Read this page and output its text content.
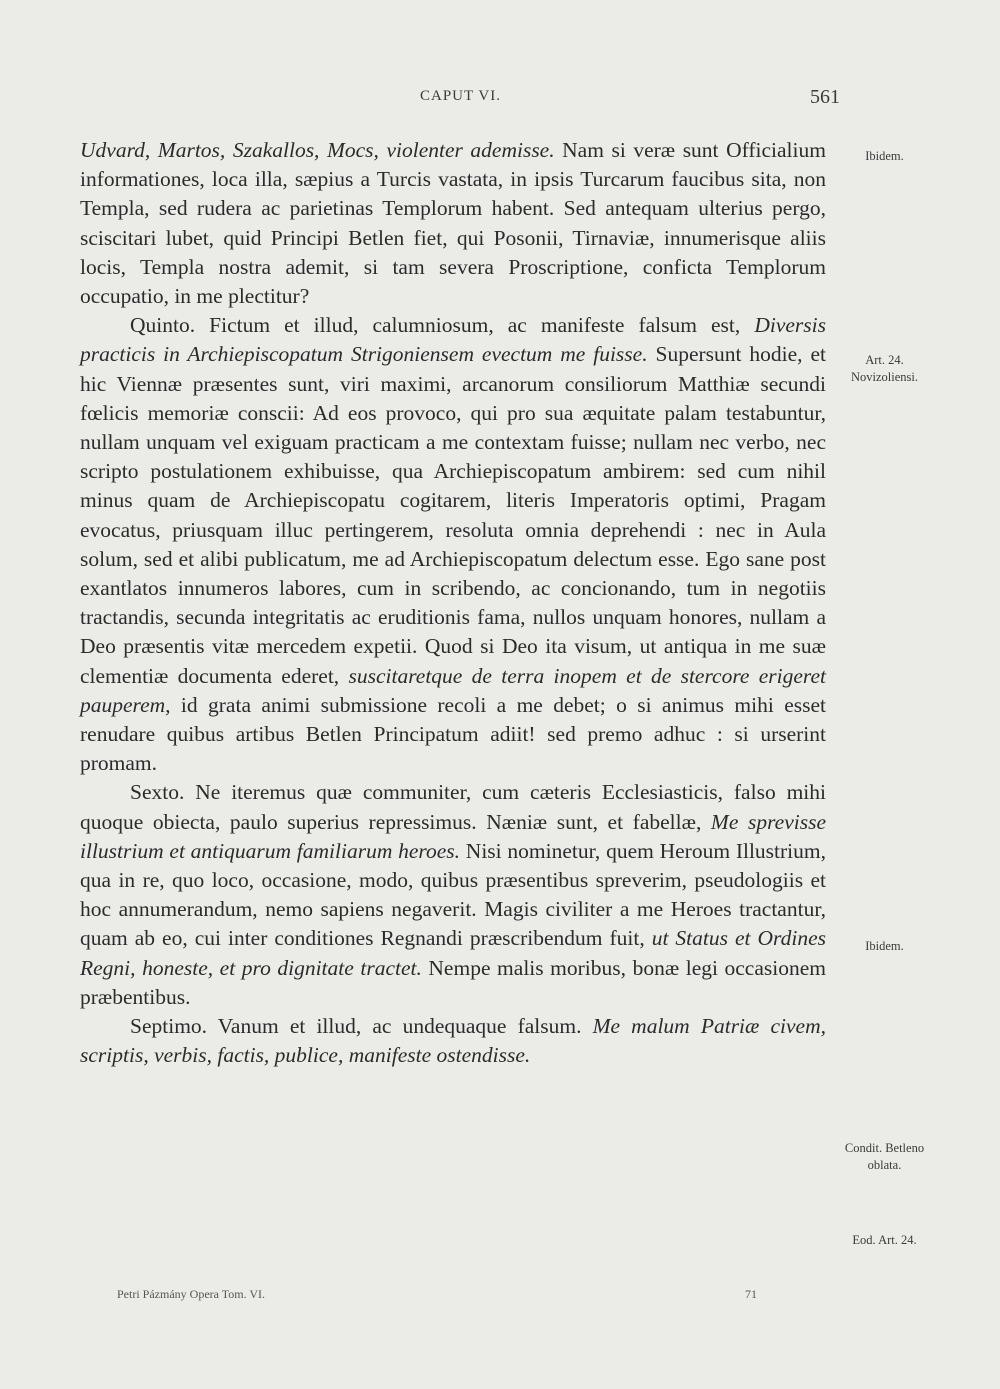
CAPUT VI.	561

Udvard, Martos, Szakallos, Mocs, violenter ademisse. Nam si veræ sunt Officialium informationes, loca illa, sæpius a Turcis vastata, in ipsis Turcarum faucibus sita, non Templa, sed rudera ac parietinas Templorum habent. Sed antequam ulterius pergo, sciscitari lubet, quid Principi Betlen fiet, qui Posonii, Tirnaviæ, innumerisque aliis locis, Templa nostra ademit, si tam severa Proscriptione, conficta Templorum occupatio, in me plectitur?

Quinto. Fictum et illud, calumniosum, ac manifeste falsum est, Diversis practicis in Archiepiscopatum Strigoniensem evectum me fuisse. Supersunt hodie, et hic Viennæ præsentes sunt, viri maximi, arcanorum consiliorum Matthiæ secundi fœlicis memoriæ conscii: Ad eos provoco, qui pro sua æquitate palam testabuntur, nullam unquam vel exiguam practicam a me contextam fuisse; nullam nec verbo, nec scripto postulationem exhibuisse, qua Archiepiscopatum ambirem: sed cum nihil minus quam de Archiepiscopatu cogitarem, literis Imperatoris optimi, Pragam evocatus, priusquam illuc pertingerem, resoluta omnia deprehendi : nec in Aula solum, sed et alibi publicatum, me ad Archiepiscopatum delectum esse. Ego sane post exantlatos innumeros labores, cum in scribendo, ac concionando, tum in negotiis tractandis, secunda integritatis ac eruditionis fama, nullos unquam honores, nullam a Deo præsentis vitæ mercedem expetii. Quod si Deo ita visum, ut antiqua in me suæ clementiæ documenta ederet, suscitaretque de terra inopem et de stercore erigeret pauperem, id grata animi submissione recoli a me debet; o si animus mihi esset renudare quibus artibus Betlen Principatum adiit! sed premo adhuc : si urserint promam.

Sexto. Ne iteremus quæ communiter, cum cæteris Ecclesiasticis, falso mihi quoque obiecta, paulo superius repressimus. Næniæ sunt, et fabellæ, Me sprevisse illustrium et antiquarum familiarum heroes. Nisi nominetur, quem Heroum Illustrium, qua in re, quo loco, occasione, modo, quibus præsentibus spreverim, pseudologiis et hoc annumerandum, nemo sapiens negaverit. Magis civiliter a me Heroes tractantur, quam ab eo, cui inter conditiones Regnandi præscribendum fuit, ut Status et Ordines Regni, honeste, et pro dignitate tractet. Nempe malis moribus, bonæ legi occasionem præbentibus.

Septimo. Vanum et illud, ac undequaque falsum. Me malum Patriæ civem, scriptis, verbis, factis, publice, manifeste ostendisse.

Ibidem.
Art. 24. Novizoliensi.
Ibidem.
Condit. Betleno oblata.
Eod. Art. 24.
Petri Pázmány Opera Tom. VI.	71
